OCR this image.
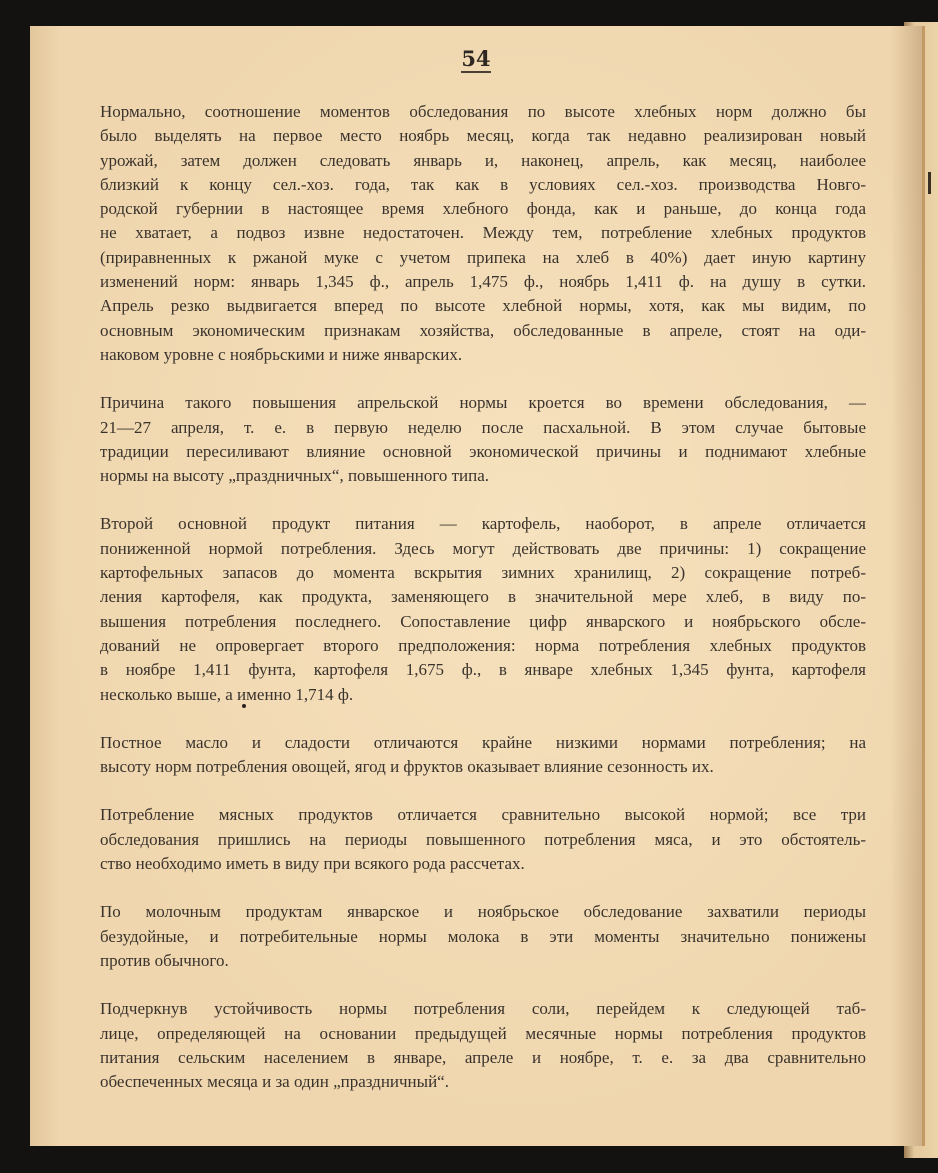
54
Нормально, соотношение моментов обследования по высоте хлебных норм должно бы
было выделять на первое место ноябрь месяц, когда так недавно реализирован новый
урожай, затем должен следовать январь и, наконец, апрель, как месяц, наиболее
близкий к концу сел.-хоз. года, так как в условиях сел.-хоз. производства Новго-
родской губернии в настоящее время хлебного фонда, как и раньше, до конца года
не хватает, а подвоз извне недостаточен. Между тем, потребление хлебных продуктов
(приравненных к ржаной муке с учетом припека на хлеб в 40%) дает иную картину
изменений норм: январь 1,345 ф., апрель 1,475 ф., ноябрь 1,411 ф. на душу в сутки.
Апрель резко выдвигается вперед по высоте хлебной нормы, хотя, как мы видим, по
основным экономическим признакам хозяйства, обследованные в апреле, стоят на оди-
наковом уровне с ноябрьскими и ниже январских.
Причина такого повышения апрельской нормы кроется во времени обследования, —
21—27 апреля, т. е. в первую неделю после пасхальной. В этом случае бытовые
традиции пересиливают влияние основной экономической причины и поднимают хлебные
нормы на высоту „праздничных“, повышенного типа.
Второй основной продукт питания — картофель, наоборот, в апреле отличается
пониженной нормой потребления. Здесь могут действовать две причины: 1) сокращение
картофельных запасов до момента вскрытия зимних хранилищ, 2) сокращение потреб-
ления картофеля, как продукта, заменяющего в значительной мере хлеб, в виду по-
вышения потребления последнего. Сопоставление цифр январского и ноябрьского обсле-
дований не опровергает второго предположения: норма потребления хлебных продуктов
в ноябре 1,411 фунта, картофеля 1,675 ф., в январе хлебных 1,345 фунта, картофеля
несколько выше, а именно 1,714 ф.
Постное масло и сладости отличаются крайне низкими нормами потребления; на
высоту норм потребления овощей, ягод и фруктов оказывает влияние сезонность их.
Потребление мясных продуктов отличается сравнительно высокой нормой; все три
обследования пришлись на периоды повышенного потребления мяса, и это обстоятель-
ство необходимо иметь в виду при всякого рода рассчетах.
По молочным продуктам январское и ноябрьское обследование захватили периоды
безудойные, и потребительные нормы молока в эти моменты значительно понижены
против обычного.
Подчеркнув устойчивость нормы потребления соли, перейдем к следующей таб-
лице, определяющей на основании предыдущей месячные нормы потребления продуктов
питания сельским населением в январе, апреле и ноябре, т. е. за два сравнительно
обеспеченных месяца и за один „праздничный“.
